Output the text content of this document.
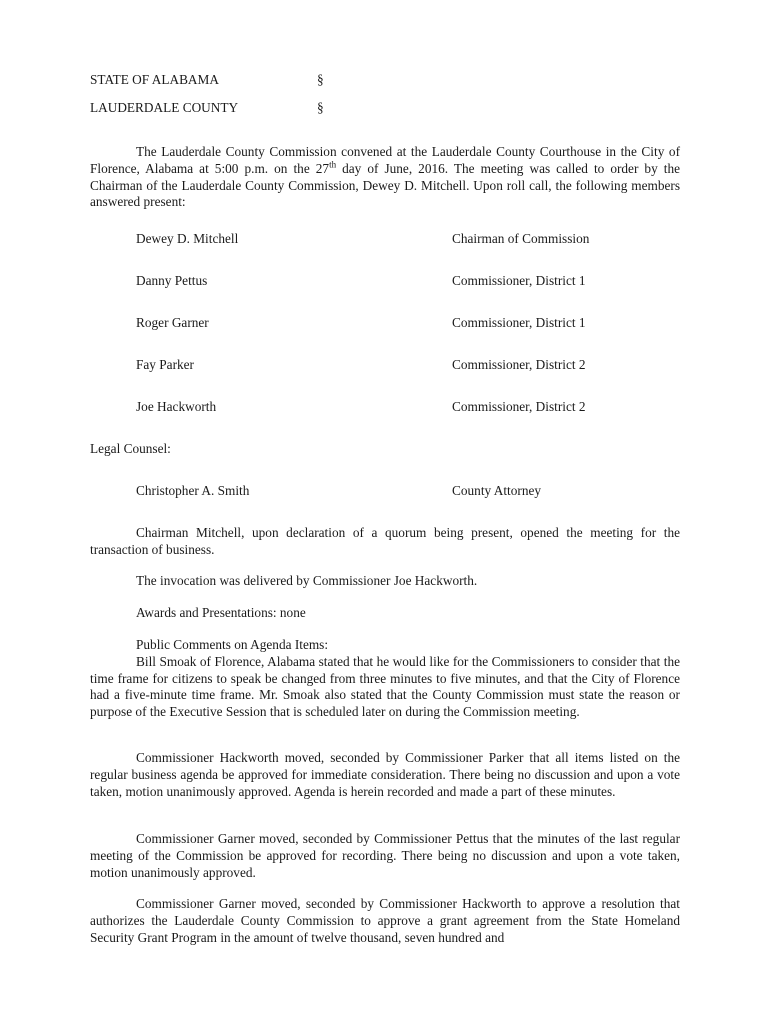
STATE OF ALABAMA	§
LAUDERDALE COUNTY	§

The Lauderdale County Commission convened at the Lauderdale County Courthouse in the City of Florence, Alabama at 5:00 p.m. on the 27th day of June, 2016. The meeting was called to order by the Chairman of the Lauderdale County Commission, Dewey D. Mitchell. Upon roll call, the following members answered present:

Dewey D. Mitchell	Chairman of Commission
Danny Pettus	Commissioner, District 1
Roger Garner	Commissioner, District 1
Fay Parker	Commissioner, District 2
Joe Hackworth	Commissioner, District 2
Legal Counsel:
Christopher A. Smith	County Attorney

Chairman Mitchell, upon declaration of a quorum being present, opened the meeting for the transaction of business.

The invocation was delivered by Commissioner Joe Hackworth.

Awards and Presentations: none

Public Comments on Agenda Items:

Bill Smoak of Florence, Alabama stated that he would like for the Commissioners to consider that the time frame for citizens to speak be changed from three minutes to five minutes, and that the City of Florence had a five-minute time frame. Mr. Smoak also stated that the County Commission must state the reason or purpose of the Executive Session that is scheduled later on during the Commission meeting.

Commissioner Hackworth moved, seconded by Commissioner Parker that all items listed on the regular business agenda be approved for immediate consideration. There being no discussion and upon a vote taken, motion unanimously approved. Agenda is herein recorded and made a part of these minutes.

Commissioner Garner moved, seconded by Commissioner Pettus that the minutes of the last regular meeting of the Commission be approved for recording. There being no discussion and upon a vote taken, motion unanimously approved.

Commissioner Garner moved, seconded by Commissioner Hackworth to approve a resolution that authorizes the Lauderdale County Commission to approve a grant agreement from the State Homeland Security Grant Program in the amount of twelve thousand, seven hundred and
